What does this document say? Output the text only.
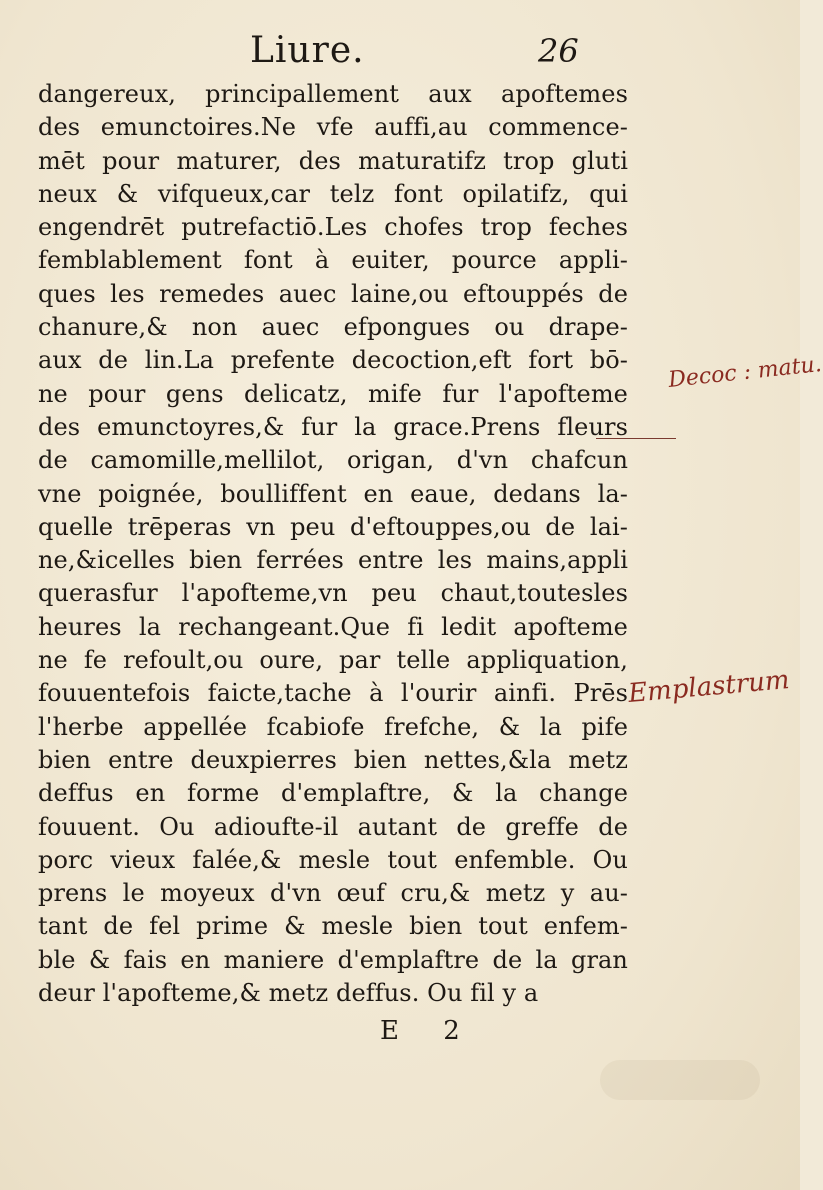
Liure.	26
dangereux, principallement aux apoftemes
des emunctoires.Ne vfe auffi,au commence-
mēt pour maturer, des maturatifz trop gluti
neux & vifqueux,car telz font opilatifz, qui
engendrēt putrefactiō.Les chofes trop feches
femblablement font à euiter, pource appli-
ques les remedes auec laine,ou eftouppés de
chanure,& non auec efpongues ou drape-
aux de lin.La prefente decoction,eft fort bō-
ne pour gens delicatz, mife fur l'apofteme
des emunctoyres,& fur la grace.Prens fleurs
de camomille,mellilot, origan, d'vn chafcun
vne poignée, boulliffent en eaue, dedans la-
quelle trēperas vn peu d'eftouppes,ou de lai-
ne,&icelles bien ferrées entre les mains,appli
querasfur l'apofteme,vn peu chaut,toutesles
heures la rechangeant.Que fi ledit apofteme
ne fe refoult,ou oure, par telle appliquation,
fouuentefois faicte,tache à l'ourir ainfi. Prēs
l'herbe appellée fcabiofe frefche, & la pife
bien entre deuxpierres bien nettes,&la metz
deffus en forme d'emplaftre, & la change
fouuent. Ou adioufte-il autant de greffe de
porc vieux falée,& mesle tout enfemble. Ou
prens le moyeux d'vn œuf cru,& metz y au-
tant de fel prime & mesle bien tout enfem-
ble & fais en maniere d'emplaftre de la gran
deur l'apofteme,& metz deffus. Ou fil y a
E 2
Decoc : matu.
Emplastrum
